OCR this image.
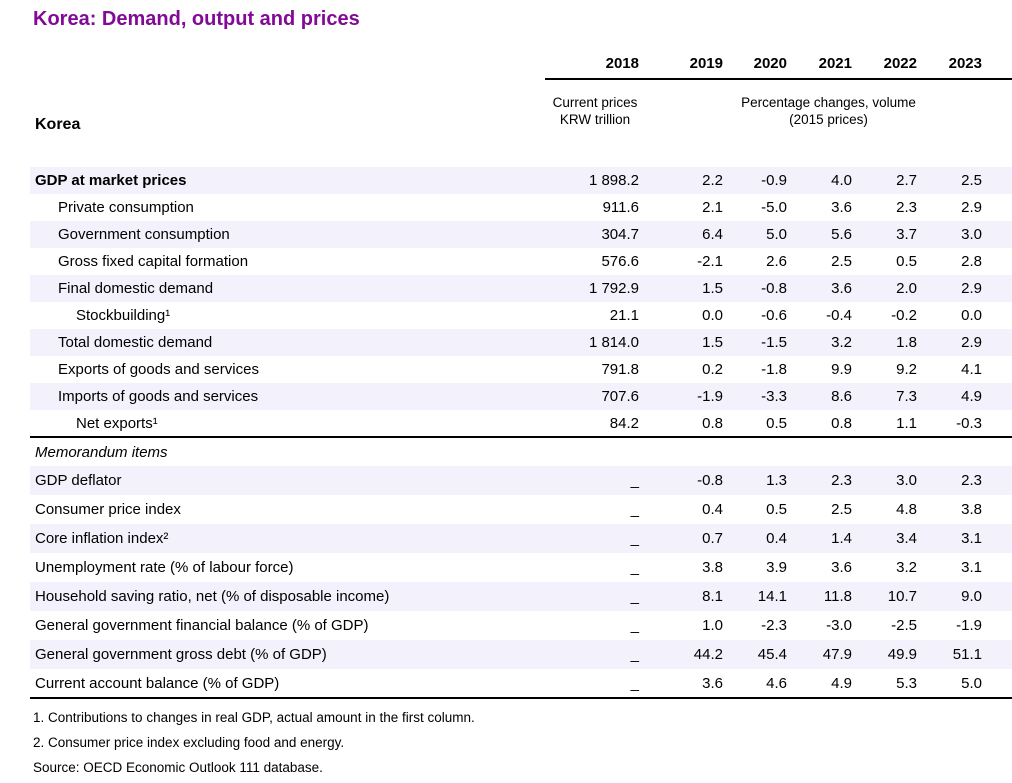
Korea: Demand, output and prices
	2018	2019	2020	2021	2022	2023	
Korea	
Current prices
KRW trillion

Percentage changes, volume
(2015 prices)

GDP at market prices	1 898.2	2.2	-0.9	4.0	2.7	2.5	
Private consumption	911.6	2.1	-5.0	3.6	2.3	2.9	
Government consumption	304.7	6.4	5.0	5.6	3.7	3.0	
Gross fixed capital formation	576.6	-2.1	2.6	2.5	0.5	2.8	
Final domestic demand	1 792.9	1.5	-0.8	3.6	2.0	2.9	
Stockbuilding¹	21.1	0.0	-0.6	-0.4	-0.2	0.0	
Total domestic demand	1 814.0	1.5	-1.5	3.2	1.8	2.9	
Exports of goods and services	791.8	0.2	-1.8	9.9	9.2	4.1	
Imports of goods and services	707.6	-1.9	-3.3	8.6	7.3	4.9	
Net exports¹	84.2	0.8	0.5	0.8	1.1	-0.3	
Memorandum items							
GDP deflator	_	-0.8	1.3	2.3	3.0	2.3	
Consumer price index	_	0.4	0.5	2.5	4.8	3.8	
Core inflation index²	_	0.7	0.4	1.4	3.4	3.1	
Unemployment rate (% of labour force)	_	3.8	3.9	3.6	3.2	3.1	
Household saving ratio, net (% of disposable income)	_	8.1	14.1	11.8	10.7	9.0	
General government financial balance (% of GDP)	_	1.0	-2.3	-3.0	-2.5	-1.9	
General government gross debt (% of GDP)	_	44.2	45.4	47.9	49.9	51.1	
Current account balance (% of GDP)	_	3.6	4.6	4.9	5.3	5.0	
1. Contributions to changes in real GDP, actual amount in the first column.
2. Consumer price index excluding food and energy.
Source: OECD Economic Outlook 111 database.
